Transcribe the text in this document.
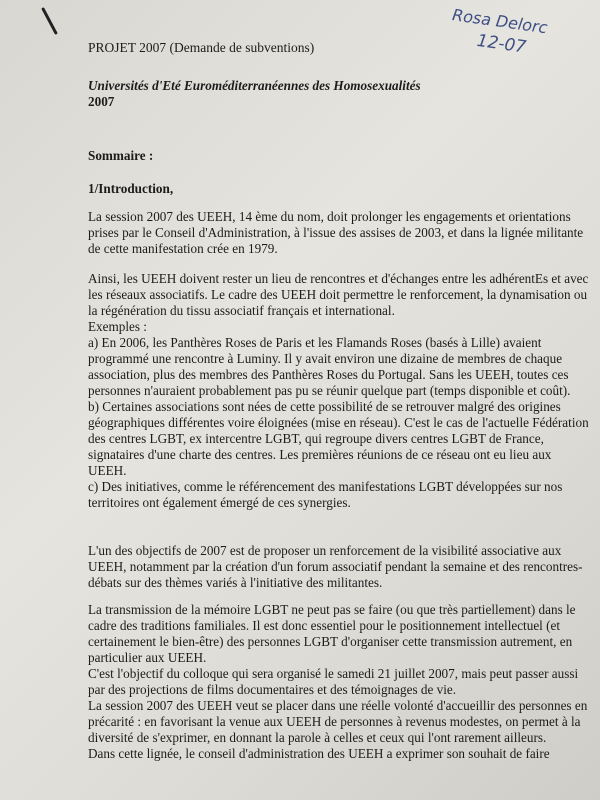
Rosa Delorc
12-07
PROJET 2007 (Demande de subventions)
Universités d'Eté Euroméditerranéennes des Homosexualités
2007
Sommaire :
1/Introduction,

La session 2007 des UEEH, 14 ème du nom, doit prolonger les engagements et orientations prises par le Conseil d'Administration, à l'issue des assises de 2003, et dans la lignée militante de cette manifestation crée en 1979.

Ainsi, les UEEH doivent rester un lieu de rencontres et d'échanges entre les adhérentEs et avec les réseaux associatifs. Le cadre des UEEH doit permettre le renforcement, la dynamisation ou la régénération du tissu associatif français et international.
Exemples :
a) En 2006, les Panthères Roses de Paris et les Flamands Roses (basés à Lille) avaient programmé une rencontre à Luminy. Il y avait environ une dizaine de membres de chaque association, plus des membres des Panthères Roses du Portugal. Sans les UEEH, toutes ces personnes n'auraient probablement pas pu se réunir quelque part (temps disponible et coût).
b) Certaines associations sont nées de cette possibilité de se retrouver malgré des origines géographiques différentes voire éloignées (mise en réseau). C'est le cas de l'actuelle Fédération des centres LGBT, ex intercentre LGBT, qui regroupe divers centres LGBT de France, signataires d'une charte des centres. Les premières réunions de ce réseau ont eu lieu aux UEEH.
c) Des initiatives, comme le référencement des manifestations LGBT développées sur nos territoires ont également émergé de ces synergies.

L'un des objectifs de 2007 est de proposer un renforcement de la visibilité associative aux UEEH, notamment par la création d'un forum associatif pendant la semaine et des rencontres-débats sur des thèmes variés à l'initiative des militantes.

La transmission de la mémoire LGBT ne peut pas se faire (ou que très partiellement) dans le cadre des traditions familiales. Il est donc essentiel pour le positionnement intellectuel (et certainement le bien-être) des personnes LGBT d'organiser cette transmission autrement, en particulier aux UEEH.
C'est l'objectif du colloque qui sera organisé le samedi 21 juillet 2007, mais peut passer aussi par des projections de films documentaires et des témoignages de vie.
La session 2007 des UEEH veut se placer dans une réelle volonté d'accueillir des personnes en précarité : en favorisant la venue aux UEEH de personnes à revenus modestes, on permet à la diversité de s'exprimer, en donnant la parole à celles et ceux qui l'ont rarement ailleurs.
Dans cette lignée, le conseil d'administration des UEEH a exprimer son souhait de faire
